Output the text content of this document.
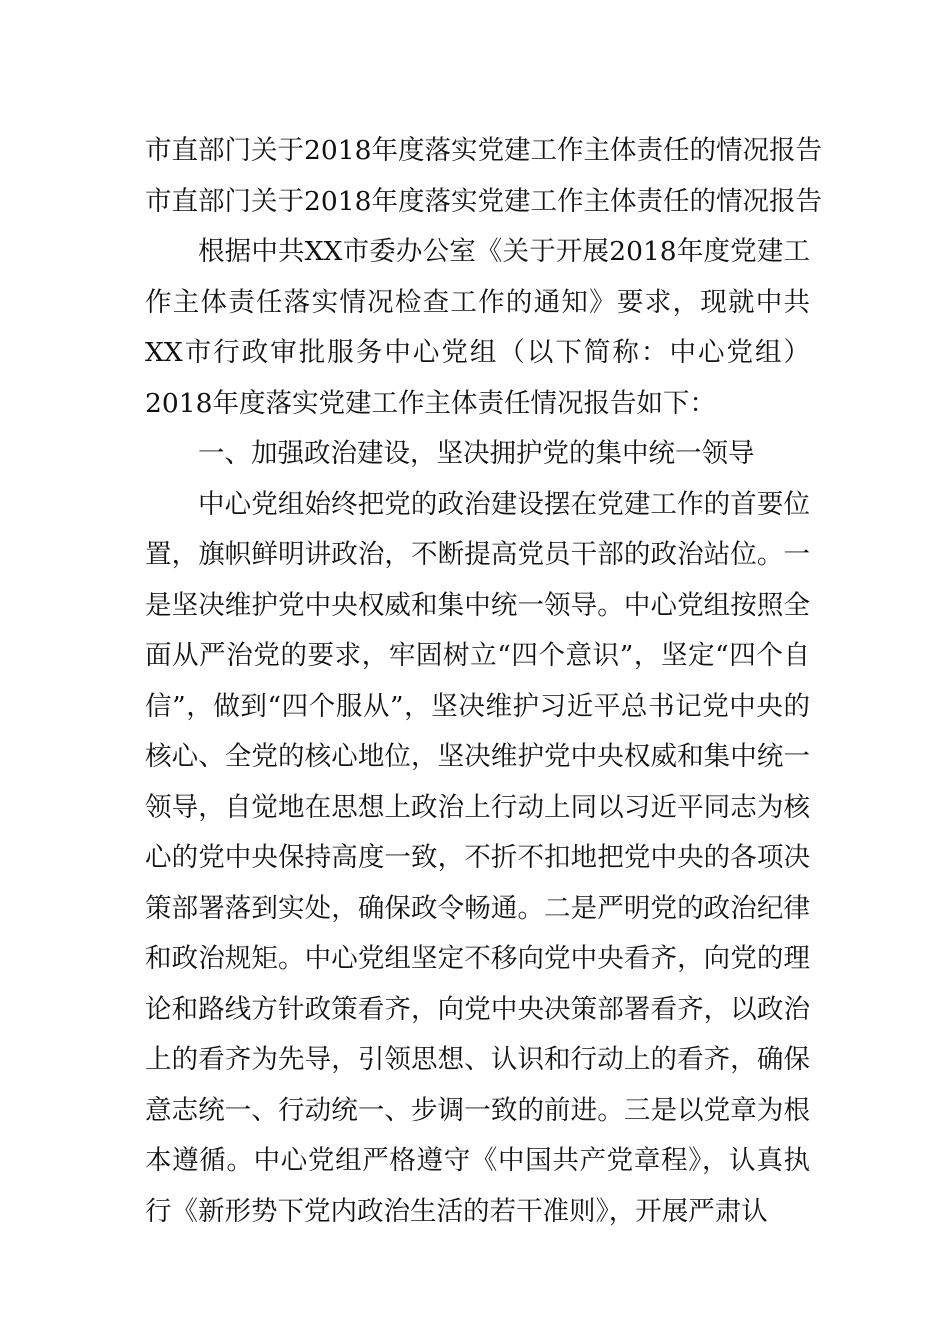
市直部门关于2018年度落实党建工作主体责任的情况报告

市直部门关于2018年度落实党建工作主体责任的情况报告

根据中共XX市委办公室《关于开展2018年度党建工作主体责任落实情况检查工作的通知》要求，现就中共XX市行政审批服务中心党组（以下简称：中心党组）2018年度落实党建工作主体责任情况报告如下：

一、加强政治建设，坚决拥护党的集中统一领导

中心党组始终把党的政治建设摆在党建工作的首要位置，旗帜鲜明讲政治，不断提高党员干部的政治站位。一是坚决维护党中央权威和集中统一领导。中心党组按照全面从严治党的要求，牢固树立“四个意识”，坚定“四个自信”，做到“四个服从”，坚决维护习近平总书记党中央的核心、全党的核心地位，坚决维护党中央权威和集中统一领导，自觉地在思想上政治上行动上同以习近平同志为核心的党中央保持高度一致，不折不扣地把党中央的各项决策部署落到实处，确保政令畅通。二是严明党的政治纪律和政治规矩。中心党组坚定不移向党中央看齐，向党的理论和路线方针政策看齐，向党中央决策部署看齐，以政治上的看齐为先导，引领思想、认识和行动上的看齐，确保意志统一、行动统一、步调一致的前进。三是以党章为根本遵循。中心党组严格遵守《中国共产党章程》，认真执行《新形势下党内政治生活的若干准则》，开展严肃认
